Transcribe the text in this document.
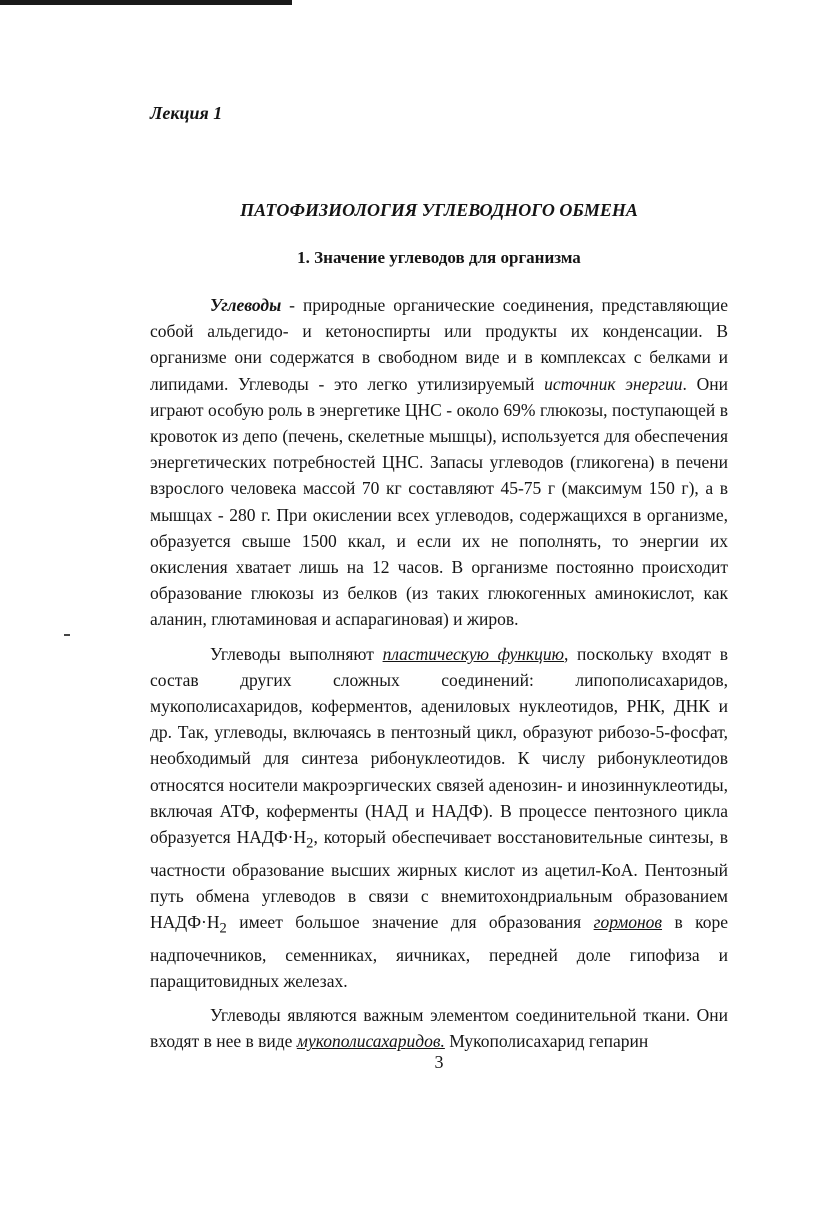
Лекция 1
ПАТОФИЗИОЛОГИЯ УГЛЕВОДНОГО ОБМЕНА
1. Значение углеводов для организма

Углеводы - природные органические соединения, представляющие собой альдегидо- и кетоноспирты или продукты их конденсации. В организме они содержатся в свободном виде и в комплексах с белками и липидами. Углеводы - это легко утилизируемый источник энергии. Они играют особую роль в энергетике ЦНС - около 69% глюкозы, поступающей в кровоток из депо (печень, скелетные мышцы), используется для обеспечения энергетических потребностей ЦНС. Запасы углеводов (гликогена) в печени взрослого человека массой 70 кг составляют 45-75 г (максимум 150 г), а в мышцах - 280 г. При окислении всех углеводов, содержащихся в организме, образуется свыше 1500 ккал, и если их не пополнять, то энергии их окисления хватает лишь на 12 часов. В организме постоянно происходит образование глюкозы из белков (из таких глюкогенных аминокислот, как аланин, глютаминовая и аспарагиновая) и жиров.

Углеводы выполняют пластическую функцию, поскольку входят в состав других сложных соединений: липополисахаридов, мукополисахаридов, коферментов, адениловых нуклеотидов, РНК, ДНК и др. Так, углеводы, включаясь в пентозный цикл, образуют рибозо-5-фосфат, необходимый для синтеза рибонуклеотидов. К числу рибонуклеотидов относятся носители макроэргических связей аденозин- и инозиннуклеотиды, включая АТФ, коферменты (НАД и НАДФ). В процессе пентозного цикла образуется $НАДФ\cdot Н_2$, который обеспечивает восстановительные синтезы, в частности образование высших жирных кислот из ацетил-КоА. Пентозный путь обмена углеводов в связи с внемитохондриальным образованием $НАДФ\cdot Н_2$ имеет большое значение для образования гормонов в коре надпочечников, семенниках, яичниках, передней доле гипофиза и паращитовидных железах.

Углеводы являются важным элементом соединительной ткани. Они входят в нее в виде мукополисахаридов. Мукополисахарид гепарин

3
